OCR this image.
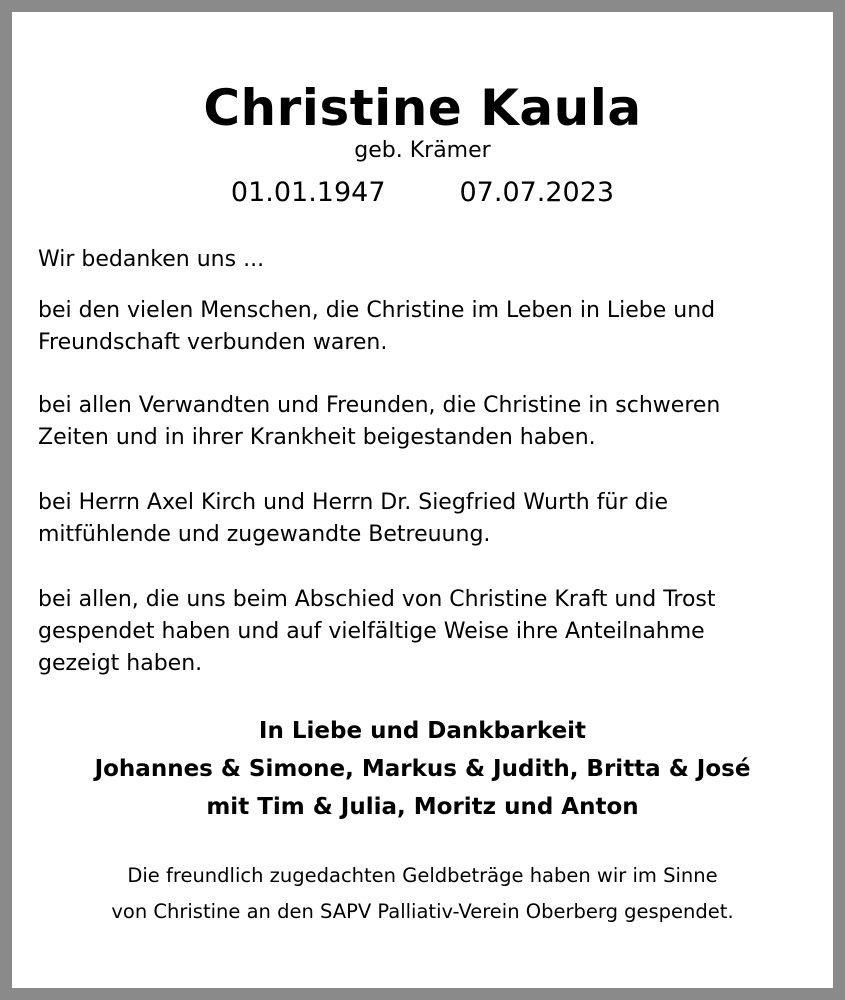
Christine Kaula
geb. Krämer
01.01.1947	07.07.2023

Wir bedanken uns ...

bei den vielen Menschen, die Christine im Leben in Liebe und
Freundschaft verbunden waren.

bei allen Verwandten und Freunden, die Christine in schweren
Zeiten und in ihrer Krankheit beigestanden haben.

bei Herrn Axel Kirch und Herrn Dr. Siegfried Wurth für die
mitfühlende und zugewandte Betreuung.

bei allen, die uns beim Abschied von Christine Kraft und Trost
gespendet haben und auf vielfältige Weise ihre Anteilnahme
gezeigt haben.

In Liebe und Dankbarkeit
Johannes & Simone, Markus & Judith, Britta & José
mit Tim & Julia, Moritz und Anton
Die freundlich zugedachten Geldbeträge haben wir im Sinne
von Christine an den SAPV Palliativ-Verein Oberberg gespendet.
